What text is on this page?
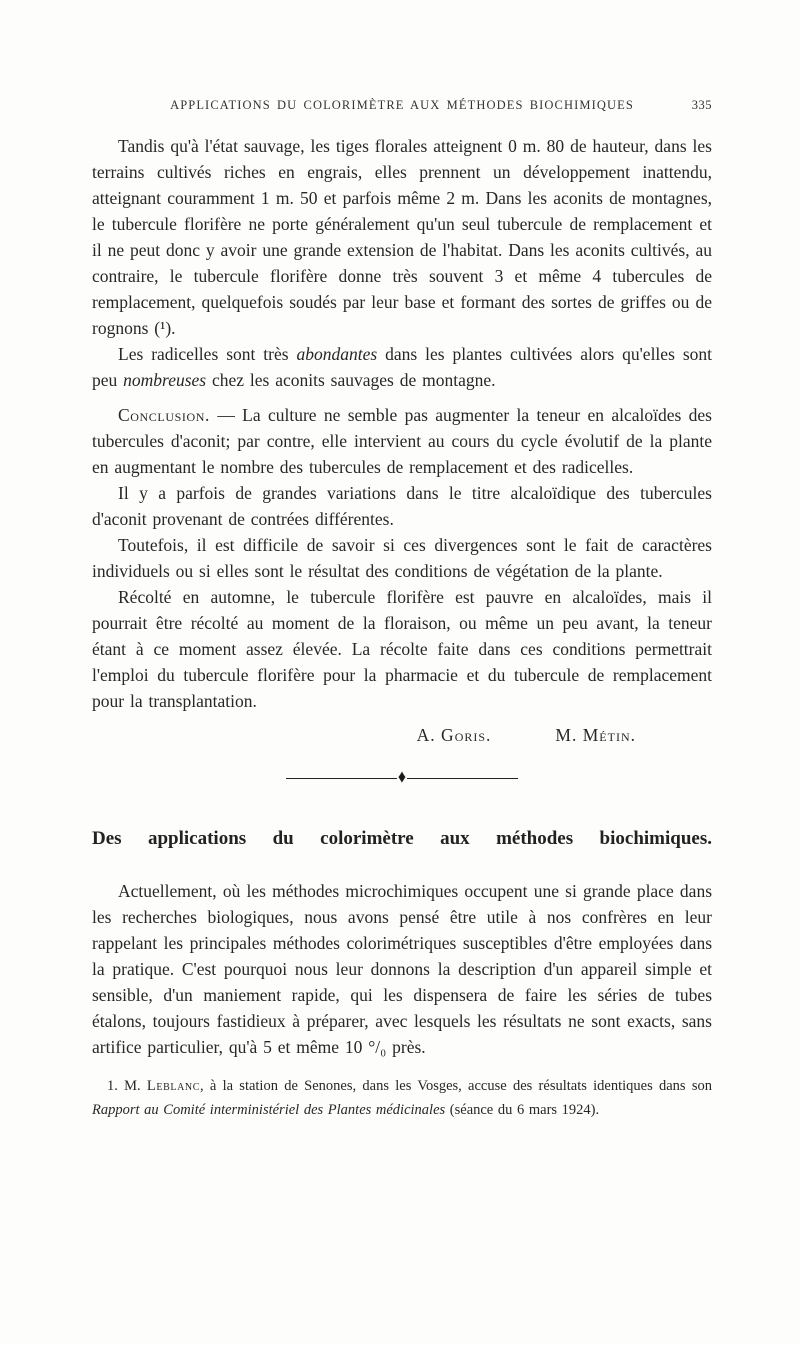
APPLICATIONS DU COLORIMÈTRE AUX MÉTHODES BIOCHIMIQUES	335

Tandis qu'à l'état sauvage, les tiges florales atteignent 0 m. 80 de hauteur, dans les terrains cultivés riches en engrais, elles prennent un développement inattendu, atteignant couramment 1 m. 50 et parfois même 2 m. Dans les aconits de montagnes, le tubercule florifère ne porte généralement qu'un seul tubercule de remplacement et il ne peut donc y avoir une grande extension de l'habitat. Dans les aconits cultivés, au contraire, le tubercule florifère donne très souvent 3 et même 4 tubercules de remplacement, quelquefois soudés par leur base et formant des sortes de griffes ou de rognons (¹).

Les radicelles sont très abondantes dans les plantes cultivées alors qu'elles sont peu nombreuses chez les aconits sauvages de montagne.

Conclusion. — La culture ne semble pas augmenter la teneur en alcaloïdes des tubercules d'aconit; par contre, elle intervient au cours du cycle évolutif de la plante en augmentant le nombre des tubercules de remplacement et des radicelles.

Il y a parfois de grandes variations dans le titre alcaloïdique des tubercules d'aconit provenant de contrées différentes.

Toutefois, il est difficile de savoir si ces divergences sont le fait de caractères individuels ou si elles sont le résultat des conditions de végétation de la plante.

Récolté en automne, le tubercule florifère est pauvre en alcaloïdes, mais il pourrait être récolté au moment de la floraison, ou même un peu avant, la teneur étant à ce moment assez élevée. La récolte faite dans ces conditions permettrait l'emploi du tubercule florifère pour la pharmacie et du tubercule de remplacement pour la transplantation.

A. Goris.	M. Métin.
♦
Des applications du colorimètre aux méthodes biochimiques.

Actuellement, où les méthodes microchimiques occupent une si grande place dans les recherches biologiques, nous avons pensé être utile à nos confrères en leur rappelant les principales méthodes colorimétriques susceptibles d'être employées dans la pratique. C'est pourquoi nous leur donnons la description d'un appareil simple et sensible, d'un maniement rapide, qui les dispensera de faire les séries de tubes étalons, toujours fastidieux à préparer, avec lesquels les résultats ne sont exacts, sans artifice particulier, qu'à 5 et même 10 °/₀ près.

1. M. Leblanc, à la station de Senones, dans les Vosges, accuse des résultats identiques dans son Rapport au Comité interministériel des Plantes médicinales (séance du 6 mars 1924).
